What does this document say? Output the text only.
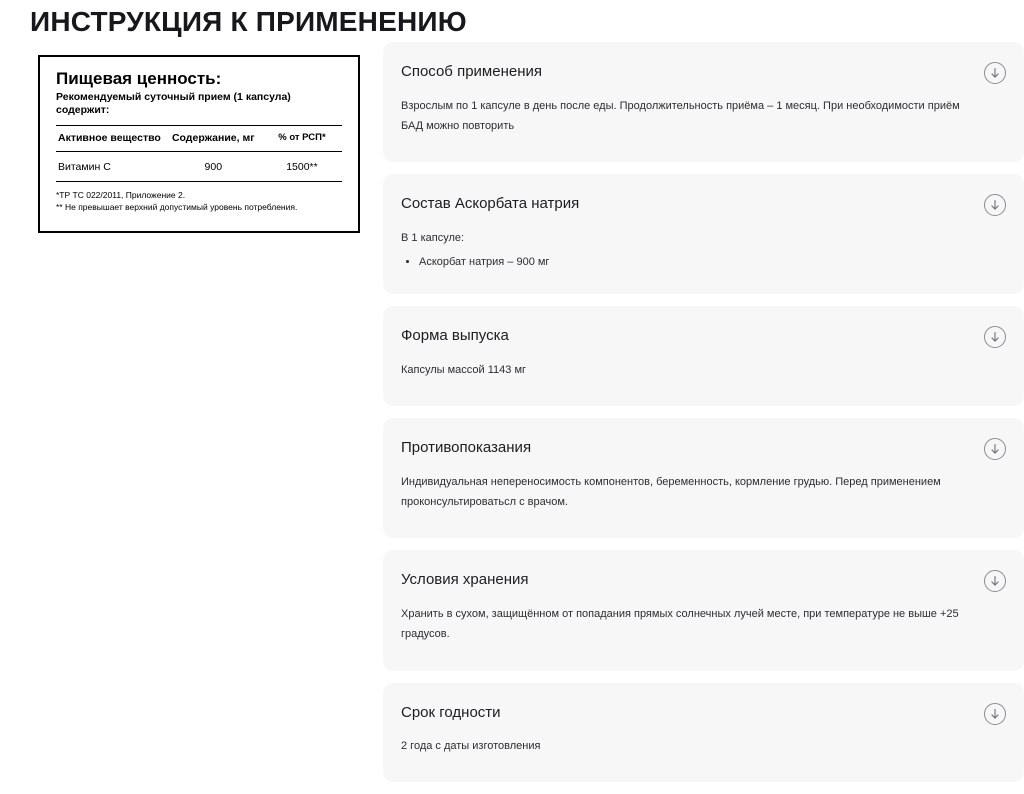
ИНСТРУКЦИЯ К ПРИМЕНЕНИЮ
Пищевая ценность:
Рекомендуемый суточный прием (1 капсула) содержит:
Активное вещество	Содержание, мг	% от РСП*
Витамин С	900	1500**
*ТР ТС 022/2011, Приложение 2.
** Не превышает верхний допустимый уровень потребления.
Способ применения

Взрослым по 1 капсуле в день после еды. Продолжительность приёма – 1 месяц. При необходимости приём БАД можно повторить

Состав Аскорбата натрия

В 1 капсуле:

• Аскорбат натрия – 900 мг
Форма выпуска

Капсулы массой 1143 мг

Противопоказания

Индивидуальная непереносимость компонентов, беременность, кормление грудью. Перед применением проконсультироватьсл с врачом.

Условия хранения

Хранить в сухом, защищённом от попадания прямых солнечных лучей месте, при температуре не выше +25 градусов.

Срок годности

2 года с даты изготовления
